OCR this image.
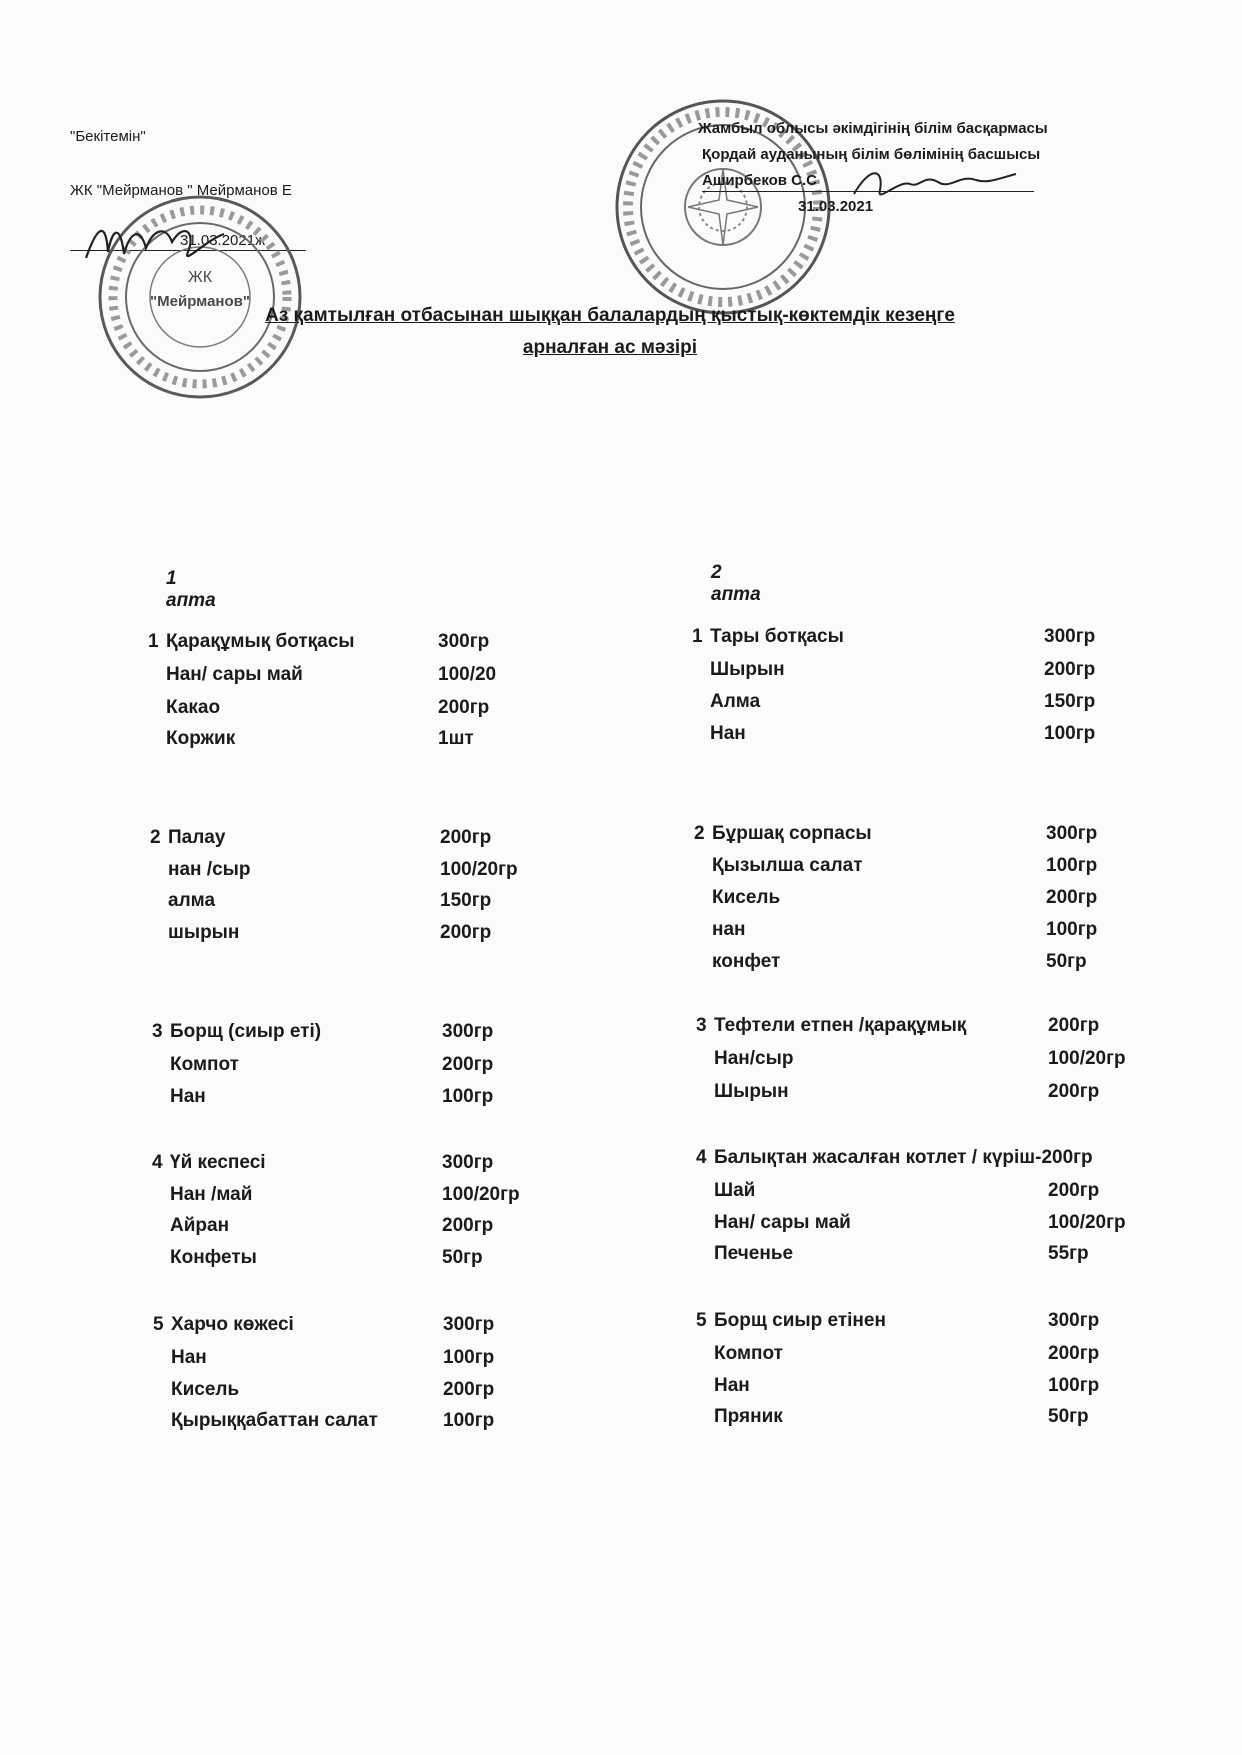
"Бекітемін"
ЖК "Мейрманов " Мейрманов Е
31.03.2021ж
ЖК
"Мейрманов"
Жамбыл облысы әкімдігінің білім басқармасы
Қордай ауданының білім бөлімінің басшысы
Аширбеков С.С
31.03.2021
Аз қамтылған отбасынан шыққан балалардың қыстық-көктемдік кезеңге
арналған ас мәзірі
1 апта
1 Қарақұмық ботқасы	300гр
Нан/ сары май	100/20
Какао	200гр
Коржик	1шт
2 Палау	200гр
нан /сыр	100/20гр
алма	150гр
шырын	200гр
3 Борщ (сиыр еті)	300гр
Компот	200гр
Нан	100гр
4 Үй кеспесі	300гр
Нан /май	100/20гр
Айран	200гр
Конфеты	50гр
5 Харчо көжесі	300гр
Нан	100гр
Кисель	200гр
Қырыққабаттан салат	100гр
2 апта
1 Тары ботқасы	300гр
Шырын	200гр
Алма	150гр
Нан	100гр
2 Бұршақ сорпасы	300гр
Қызылша салат	100гр
Кисель	200гр
нан	100гр
конфет	50гр
3 Тефтели етпен /қарақұмық	200гр
Нан/сыр	100/20гр
Шырын	200гр
4 Балықтан жасалған котлет / күріш-200гр
Шай	200гр
Нан/ сары май	100/20гр
Печенье	55гр
5 Борщ сиыр етінен	300гр
Компот	200гр
Нан	100гр
Пряник	50гр
